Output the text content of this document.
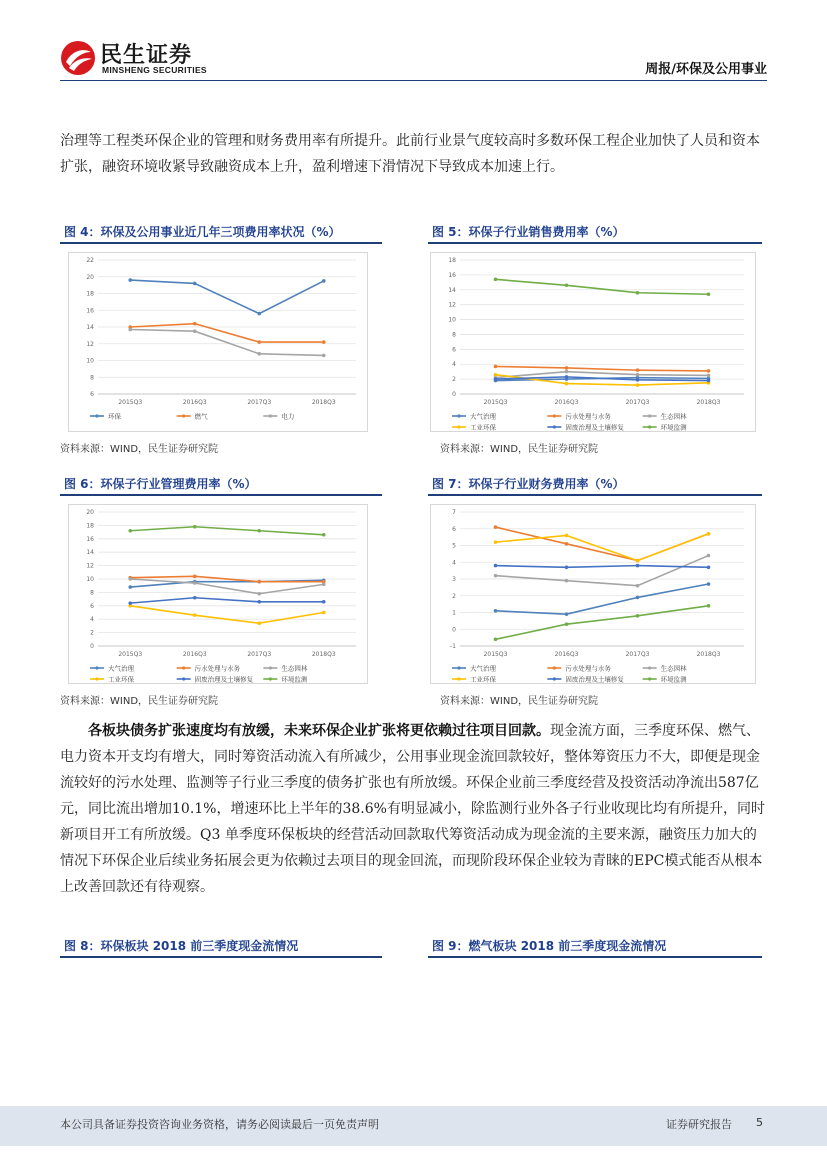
民生证券
MINSHENG SECURITIES	周报/环保及公用事业

治理等工程类环保企业的管理和财务费用率有所提升。此前行业景气度较高时多数环保工程企业加快了人员和资本扩张，融资环境收紧导致融资成本上升，盈利增速下滑情况下导致成本加速上行。

图 4：环保及公用事业近几年三项费用率状况（%）
6
8
10
12
14
16
18
20
22
2015Q3	2016Q3	2017Q3	2018Q3
环保	燃气	电力
资料来源：WIND，民生证券研究院
图 5：环保子行业销售费用率（%）
0
2
4
6
8
10
12
14
16
18
2015Q3	2016Q3	2017Q3	2018Q3
大气治理	污水处理与水务	生态园林
工业环保	固废治理及土壤修复	环境监测
资料来源：WIND，民生证券研究院
图 6：环保子行业管理费用率（%）
0
2
4
6
8
10
12
14
16
18
20
2015Q3	2016Q3	2017Q3	2018Q3
大气治理	污水处理与水务	生态园林
工业环保	固废治理及土壤修复	环境监测
资料来源：WIND，民生证券研究院
图 7：环保子行业财务费用率（%）
-1
0
1
2
3
4
5
6
7
2015Q3	2016Q3	2017Q3	2018Q3
大气治理	污水处理与水务	生态园林
工业环保	固废治理及土壤修复	环境监测
资料来源：WIND，民生证券研究院

各板块债务扩张速度均有放缓，未来环保企业扩张将更依赖过往项目回款。现金流方面，三季度环保、燃气、电力资本开支均有增大，同时筹资活动流入有所减少，公用事业现金流回款较好，整体筹资压力不大，即便是现金流较好的污水处理、监测等子行业三季度的债务扩张也有所放缓。环保企业前三季度经营及投资活动净流出587亿元，同比流出增加10.1%，增速环比上半年的38.6%有明显减小，除监测行业外各子行业收现比均有所提升，同时新项目开工有所放缓。Q3 单季度环保板块的经营活动回款取代筹资活动成为现金流的主要来源，融资压力加大的情况下环保企业后续业务拓展会更为依赖过去项目的现金回流，而现阶段环保企业较为青睐的EPC模式能否从根本上改善回款还有待观察。

图 8：环保板块 2018 前三季度现金流情况	图 9：燃气板块 2018 前三季度现金流情况
本公司具备证券投资咨询业务资格，请务必阅读最后一页免责声明	证券研究报告 5
